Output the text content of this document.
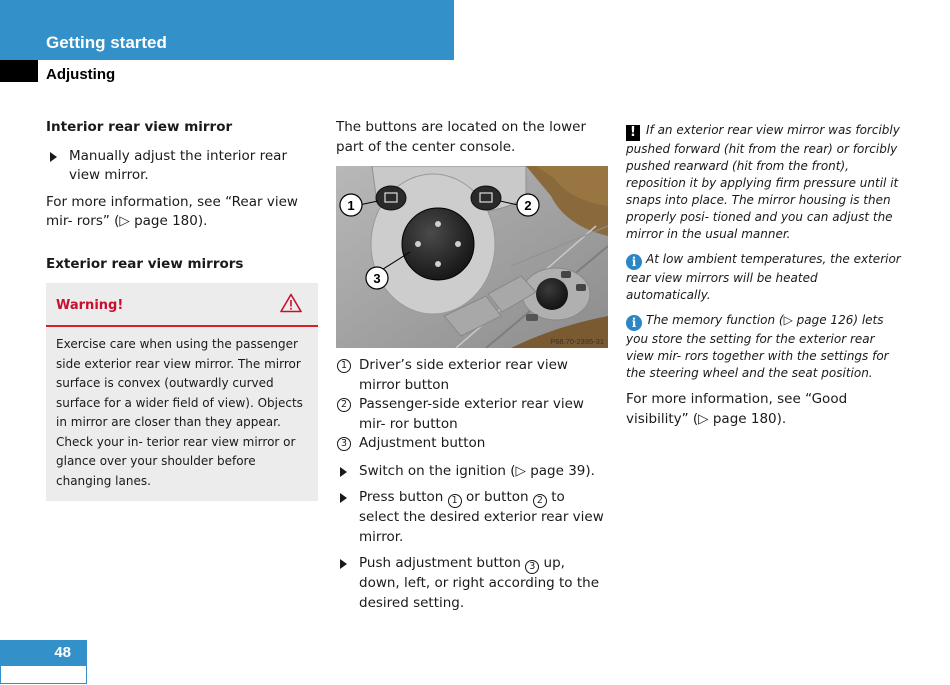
Getting started
Adjusting
Interior rear view mirror
Manually adjust the interior rear view mirror.
For more information, see “Rear view mir- rors” (▷ page 180).
Exterior rear view mirrors
Warning!
Exercise care when using the passenger side exterior rear view mirror. The mirror surface is convex (outwardly curved surface for a wider field of view). Objects in mirror are closer than they appear. Check your in- terior rear view mirror or glance over your shoulder before changing lanes.
The buttons are located on the lower part of the center console.
1	2
3
P68.70-2395-31
1 Driver’s side exterior rear view mirror button
2 Passenger-side exterior rear view mir- ror button
3 Adjustment button
Switch on the ignition (▷ page 39).
Press button 1 or button 2 to select the desired exterior rear view mirror.
Push adjustment button 3 up, down, left, or right according to the desired setting.
! If an exterior rear view mirror was forcibly pushed forward (hit from the rear) or forcibly pushed rearward (hit from the front), reposition it by applying firm pressure until it snaps into place. The mirror housing is then properly posi- tioned and you can adjust the mirror in the usual manner.
i At low ambient temperatures, the exterior rear view mirrors will be heated automatically.
i The memory function (▷ page 126) lets you store the setting for the exterior rear view mir- rors together with the settings for the steering wheel and the seat position.
For more information, see “Good visibility” (▷ page 180).
48
